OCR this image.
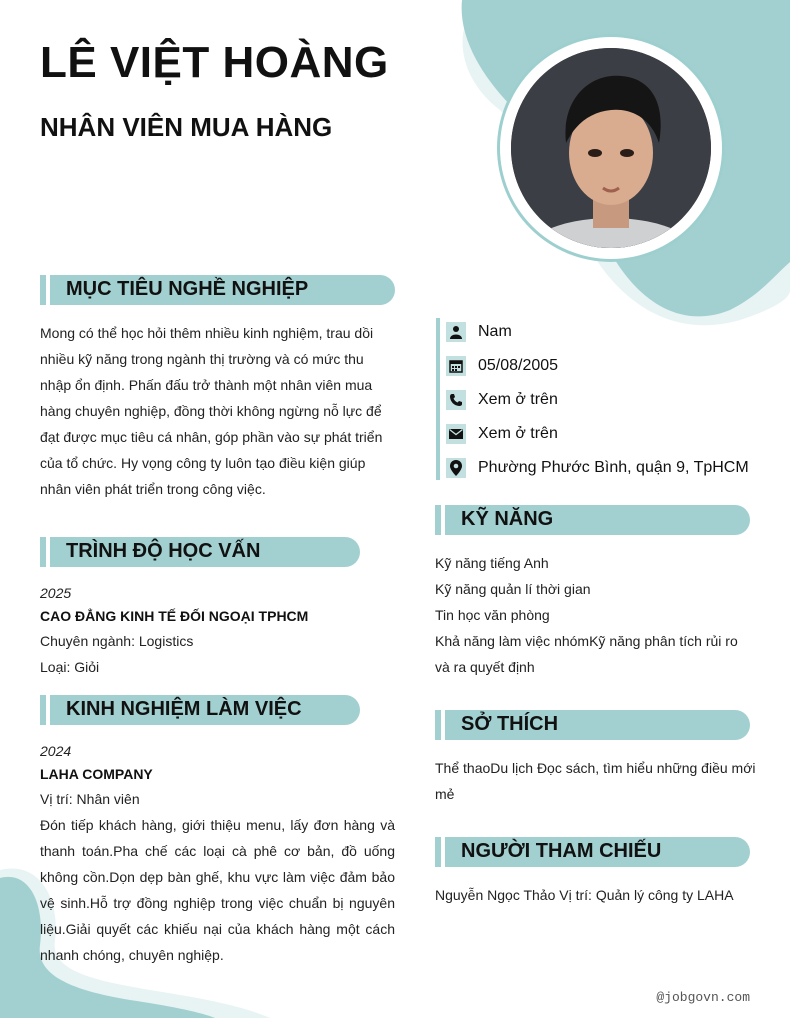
LÊ VIỆT HOÀNG
NHÂN VIÊN MUA HÀNG
MỤC TIÊU NGHỀ NGHIỆP

Mong có thể học hỏi thêm nhiều kinh nghiệm, trau dồi nhiều kỹ năng trong ngành thị trường và có mức thu nhập ổn định. Phấn đấu trở thành một nhân viên mua hàng chuyên nghiệp, đồng thời không ngừng nỗ lực để đạt được mục tiêu cá nhân, góp phần vào sự phát triển của tổ chức. Hy vọng công ty luôn tạo điều kiện giúp nhân viên phát triển trong công việc.

TRÌNH ĐỘ HỌC VẤN
2025
CAO ĐẲNG KINH TẾ ĐỐI NGOẠI TPHCM
Chuyên ngành: Logistics
Loại: Giỏi
KINH NGHIỆM LÀM VIỆC
2024
LAHA COMPANY
Vị trí: Nhân viên

Đón tiếp khách hàng, giới thiệu menu, lấy đơn hàng và thanh toán.Pha chế các loại cà phê cơ bản, đồ uống không cồn.Dọn dẹp bàn ghế, khu vực làm việc đảm bảo vệ sinh.Hỗ trợ đồng nghiệp trong việc chuẩn bị nguyên liệu.Giải quyết các khiếu nại của khách hàng một cách nhanh chóng, chuyên nghiệp.

Nam
05/08/2005
Xem ở trên
Xem ở trên
Phường Phước Bình, quận 9, TpHCM
KỸ NĂNG
Kỹ năng tiếng Anh
Kỹ năng quản lí thời gian
Tin học văn phòng
Khả năng làm việc nhómKỹ năng phân tích rủi ro
và ra quyết định
SỞ THÍCH
Thể thaoDu lịch Đọc sách, tìm hiểu những điều mới
mẻ
NGƯỜI THAM CHIẾU
Nguyễn Ngọc Thảo Vị trí: Quản lý công ty LAHA
@jobgovn.com
